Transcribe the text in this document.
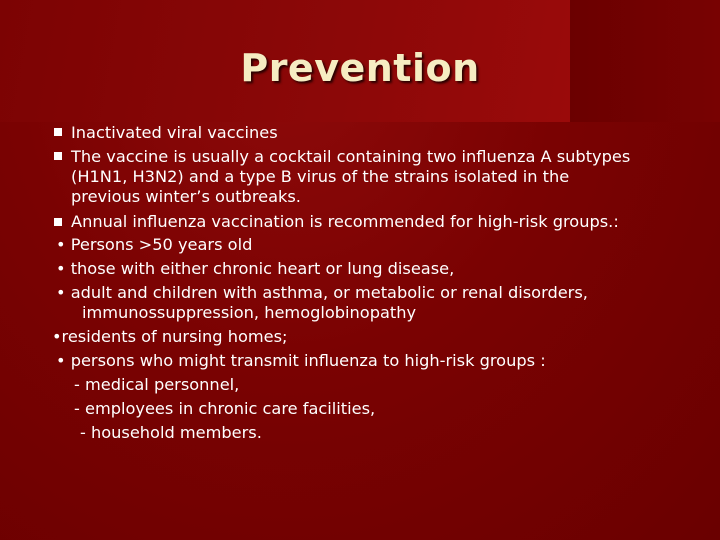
Prevention
Inactivated viral vaccines
The vaccine is usually a cocktail containing two influenza A subtypes
(H1N1, H3N2) and a type B virus of the strains isolated in the
previous winter’s outbreaks.
Annual influenza vaccination is recommended for high-risk groups.:
• Persons >50 years old
• those with either chronic heart or lung disease,
• adult and children with asthma, or metabolic or renal disorders,
immunossuppression, hemoglobinopathy
•residents of nursing homes;
• persons who might transmit influenza to high-risk groups :
- medical personnel,
- employees in chronic care facilities,
- household members.
